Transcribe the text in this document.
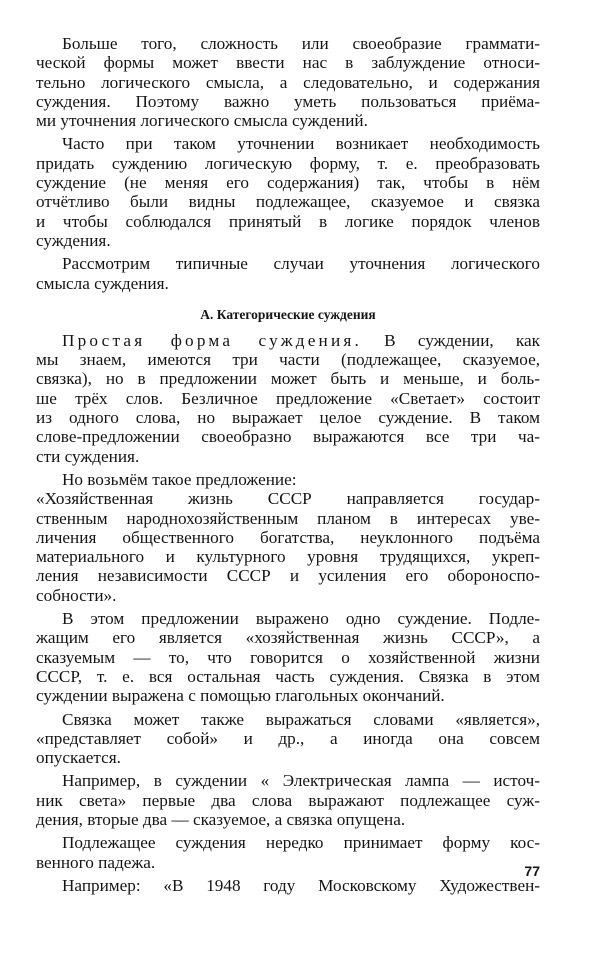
Больше того, сложность или своеобразие граммати-
ческой формы может ввести нас в заблуждение относи-
тельно логического смысла, а следовательно, и содержания
суждения. Поэтому важно уметь пользоваться приёма-
ми уточнения логического смысла суждений.
Часто при таком уточнении возникает необходимость
придать суждению логическую форму, т. е. преобразовать
суждение (не меняя его содержания) так, чтобы в нём
отчётливо были видны подлежащее, сказуемое и связка
и чтобы соблюдался принятый в логике порядок членов
суждения.
Рассмотрим типичные случаи уточнения логического
смысла суждения.
А. Категорические суждения
Простая форма суждения. В суждении, как
мы знаем, имеются три части (подлежащее, сказуемое,
связка), но в предложении может быть и меньше, и боль-
ше трёх слов. Безличное предложение «Светает» состоит
из одного слова, но выражает целое суждение. В таком
слове-предложении своеобразно выражаются все три ча-
сти суждения.
Но возьмём такое предложение:
«Хозяйственная жизнь СССР направляется государ-
ственным народнохозяйственным планом в интересах уве-
личения общественного богатства, неуклонного подъёма
материального и культурного уровня трудящихся, укреп-
ления независимости СССР и усиления его обороноспо-
собности».
В этом предложении выражено одно суждение. Подле-
жащим его является «хозяйственная жизнь СССР», а
сказуемым — то, что говорится о хозяйственной жизни
СССР, т. е. вся остальная часть суждения. Связка в этом
суждении выражена с помощью глагольных окончаний.
Связка может также выражаться словами «является»,
«представляет собой» и др., а иногда она совсем
опускается.
Например, в суждении « Электрическая лампа — источ-
ник света» первые два слова выражают подлежащее суж-
дения, вторые два — сказуемое, а связка опущена.
Подлежащее суждения нередко принимает форму кос-
венного падежа.
Например: «В 1948 году Московскому Художествен-
77
